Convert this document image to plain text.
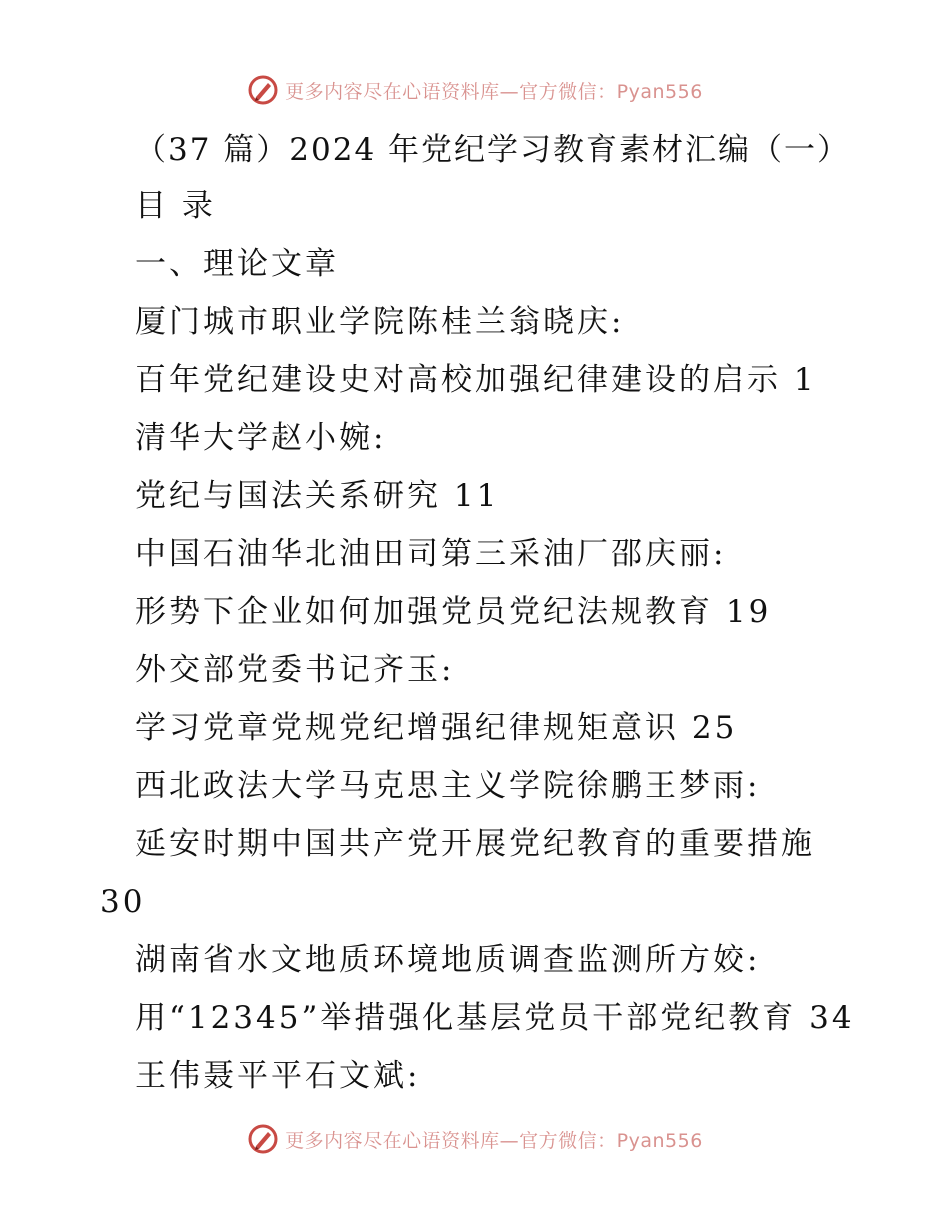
更多内容尽在心语资料库—官方微信：Pyan556
（37 篇）2024 年党纪学习教育素材汇编（一）
目 录
一、理论文章
厦门城市职业学院陈桂兰翁晓庆:
百年党纪建设史对高校加强纪律建设的启示 1
清华大学赵小婉:
党纪与国法关系研究 11
中国石油华北油田司第三采油厂邵庆丽:
形势下企业如何加强党员党纪法规教育 19
外交部党委书记齐玉:
学习党章党规党纪增强纪律规矩意识 25
西北政法大学马克思主义学院徐鹏王梦雨:
延安时期中国共产党开展党纪教育的重要措施
30
湖南省水文地质环境地质调查监测所方姣:
用“12345”举措强化基层党员干部党纪教育 34
王伟聂平平石文斌:
更多内容尽在心语资料库—官方微信：Pyan556
